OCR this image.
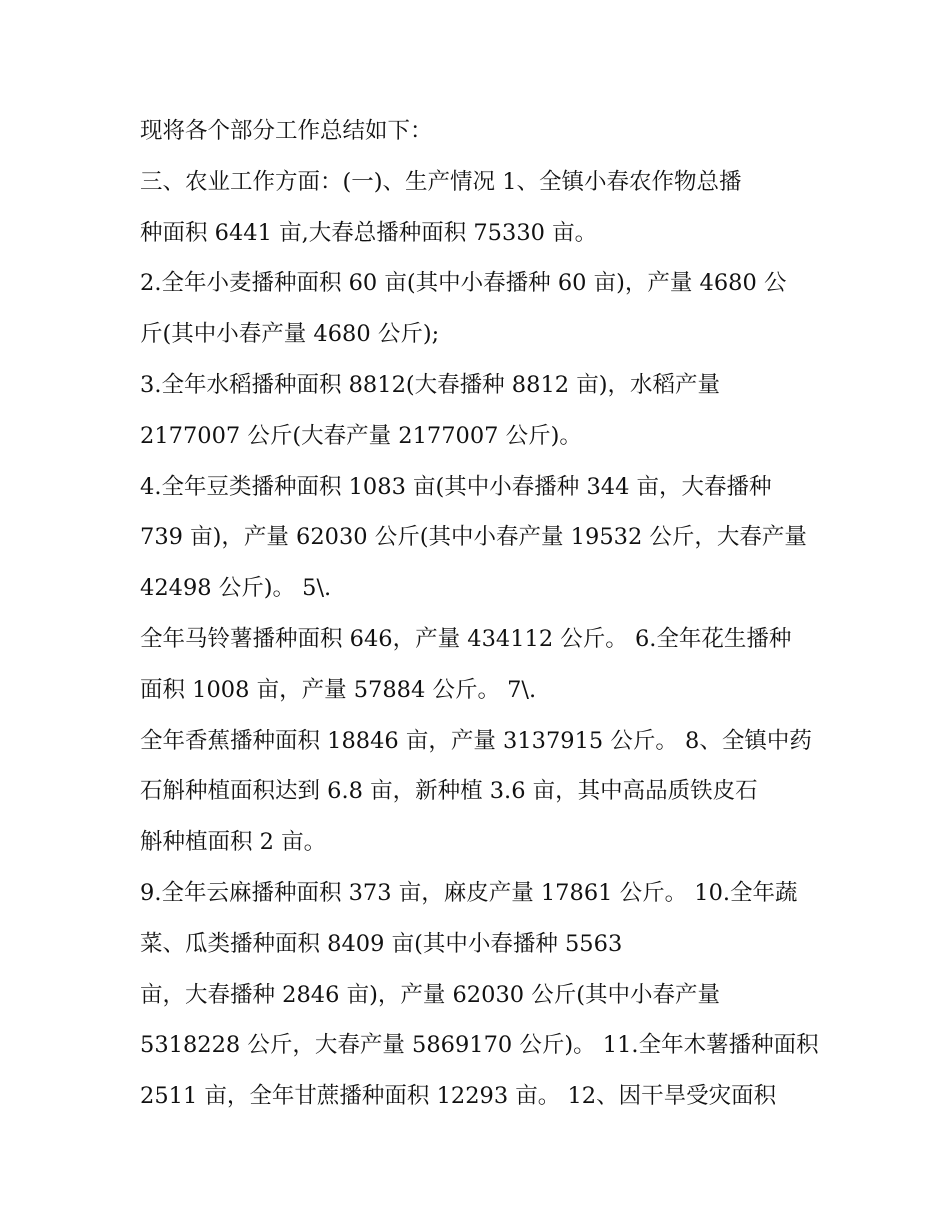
现将各个部分工作总结如下：
三、农业工作方面：(一)、生产情况 1、全镇小春农作物总播
种面积 6441 亩,大春总播种面积 75330 亩。
2.全年小麦播种面积 60 亩(其中小春播种 60 亩)，产量 4680 公
斤(其中小春产量 4680 公斤);
3.全年水稻播种面积 8812(大春播种 8812 亩)，水稻产量
2177007 公斤(大春产量 2177007 公斤)。
4.全年豆类播种面积 1083 亩(其中小春播种 344 亩，大春播种
739 亩)，产量 62030 公斤(其中小春产量 19532 公斤，大春产量
42498 公斤)。 5\.
全年马铃薯播种面积 646，产量 434112 公斤。 6.全年花生播种
面积 1008 亩，产量 57884 公斤。 7\.
全年香蕉播种面积 18846 亩，产量 3137915 公斤。 8、全镇中药
石斛种植面积达到 6.8 亩，新种植 3.6 亩，其中高品质铁皮石
斛种植面积 2 亩。
9.全年云麻播种面积 373 亩，麻皮产量 17861 公斤。 10.全年蔬
菜、瓜类播种面积 8409 亩(其中小春播种 5563
亩，大春播种 2846 亩)，产量 62030 公斤(其中小春产量
5318228 公斤，大春产量 5869170 公斤)。 11.全年木薯播种面积
2511 亩，全年甘蔗播种面积 12293 亩。 12、因干旱受灾面积
